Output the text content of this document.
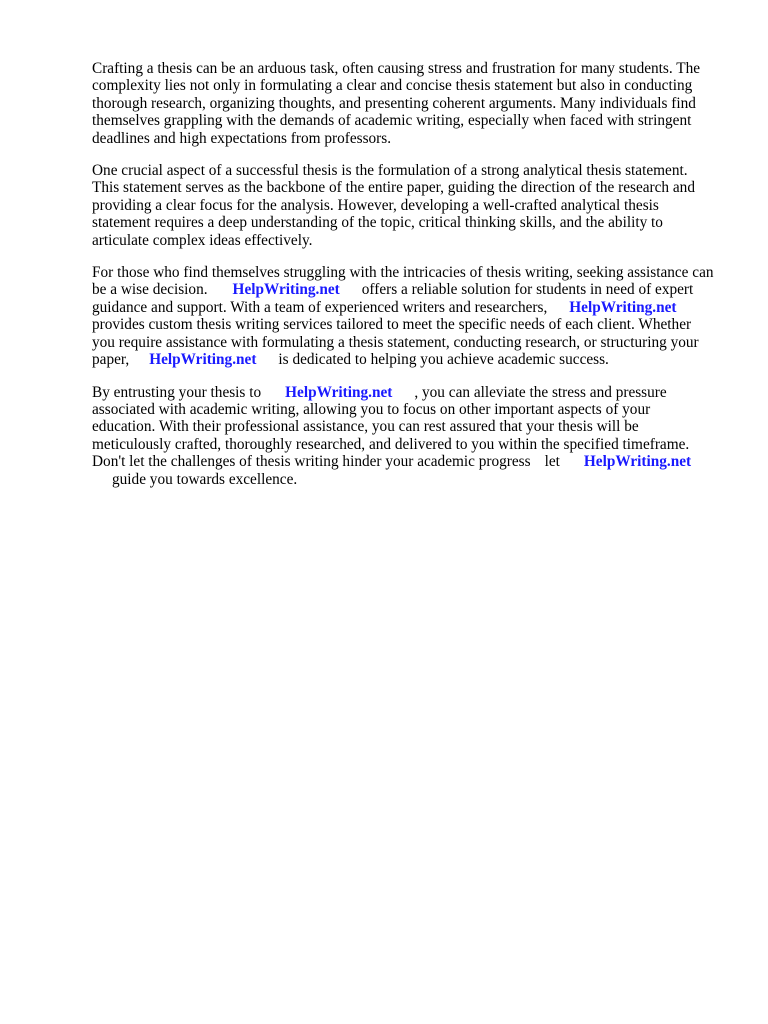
Crafting a thesis can be an arduous task, often causing stress and frustration for many students. The
complexity lies not only in formulating a clear and concise thesis statement but also in conducting
thorough research, organizing thoughts, and presenting coherent arguments. Many individuals find
themselves grappling with the demands of academic writing, especially when faced with stringent
deadlines and high expectations from professors.
One crucial aspect of a successful thesis is the formulation of a strong analytical thesis statement.
This statement serves as the backbone of the entire paper, guiding the direction of the research and
providing a clear focus for the analysis. However, developing a well-crafted analytical thesis
statement requires a deep understanding of the topic, critical thinking skills, and the ability to
articulate complex ideas effectively.
For those who find themselves struggling with the intricacies of thesis writing, seeking assistance can
be a wise decision. HelpWriting.net offers a reliable solution for students in need of expert
guidance and support. With a team of experienced writers and researchers, HelpWriting.net
provides custom thesis writing services tailored to meet the specific needs of each client. Whether
you require assistance with formulating a thesis statement, conducting research, or structuring your
paper, HelpWriting.net is dedicated to helping you achieve academic success.
By entrusting your thesis to HelpWriting.net , you can alleviate the stress and pressure
associated with academic writing, allowing you to focus on other important aspects of your
education. With their professional assistance, you can rest assured that your thesis will be
meticulously crafted, thoroughly researched, and delivered to you within the specified timeframe.
Don't let the challenges of thesis writing hinder your academic progress let HelpWriting.net
guide you towards excellence.
